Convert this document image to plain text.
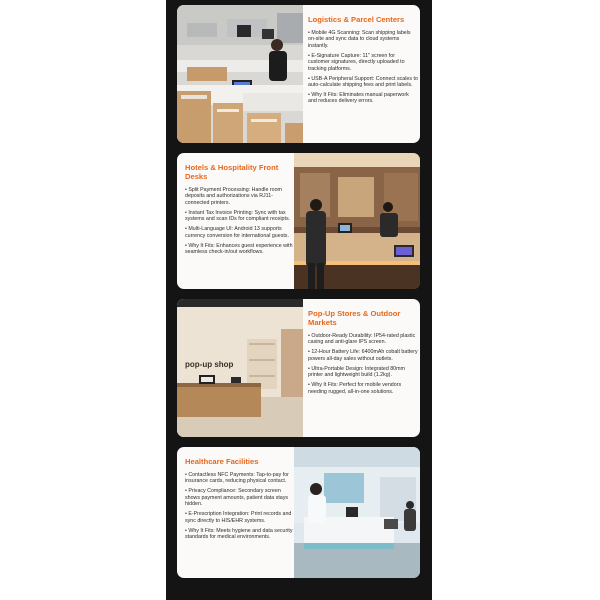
Logistics & Parcel Centers
• Mobile 4G Scanning: Scan shipping labels on-site and sync data to cloud systems instantly.
• E-Signature Capture: 11" screen for customer signatures, directly uploaded to tracking platforms.
• USB-A Peripheral Support: Connect scales to auto-calculate shipping fees and print labels.
• Why It Fits: Eliminates manual paperwork and reduces delivery errors.
Hotels & Hospitality Front Desks
• Split Payment Processing: Handle room deposits and authorizations via RJ11-connected printers.
• Instant Tax Invoice Printing: Sync with tax systems and scan IDs for compliant receipts.
• Multi-Language UI: Android 13 supports currency conversion for international guests.
• Why It Fits: Enhances guest experience with seamless check-in/out workflows.
pop-up shop
Pop-Up Stores & Outdoor Markets
• Outdoor-Ready Durability: IP54-rated plastic casing and anti-glare IPS screen.
• 12-Hour Battery Life: 6400mAh cobalt battery powers all-day sales without outlets.
• Ultra-Portable Design: Integrated 80mm printer and lightweight build (1.2kg).
• Why It Fits: Perfect for mobile vendors needing rugged, all-in-one solutions.
Healthcare Facilities
• Contactless NFC Payments: Tap-to-pay for insurance cards, reducing physical contact.
• Privacy Compliance: Secondary screen shows payment amounts, patient data stays hidden.
• E-Prescription Integration: Print records and sync directly to HIS/EHR systems.
• Why It Fits: Meets hygiene and data security standards for medical environments.
